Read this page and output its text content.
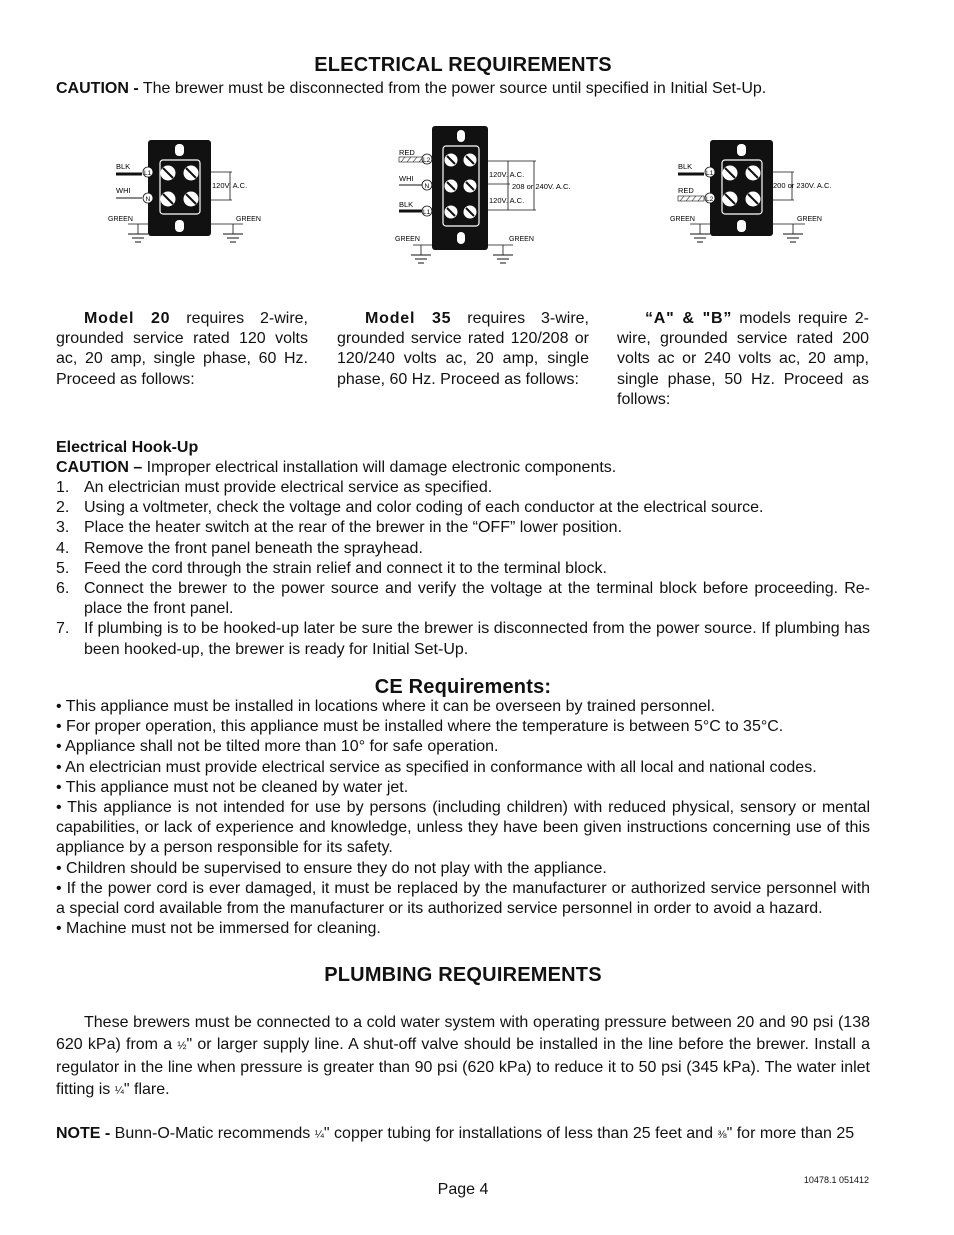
ELECTRICAL REQUIREMENTS
CAUTION - The brewer must be disconnected from the power source until specified in Initial Set-Up.
BLK
WHI
L1
N
120V. A.C.
GREEN	GREEN
RED
WHI
BLK
L2
N
L1
120V. A.C.
208 or 240V. A.C.
120V. A.C.
GREEN	GREEN
BLK
RED
L1
L2
200 or 230V. A.C.
GREEN	GREEN
Model 20 requires 2-wire, grounded service rated 120 volts ac, 20 amp, single phase, 60 Hz. Proceed as follows:
Model 35 requires 3-wire, grounded service rated 120/208 or 120/240 volts ac, 20 amp, single phase, 60 Hz. Proceed as follows:
“A" & "B” models require 2-wire, grounded service rated 200 volts ac or 240 volts ac, 20 amp, single phase, 50 Hz. Proceed as follows:
Electrical Hook-Up
CAUTION – Improper electrical installation will damage electronic components.
1. An electrician must provide electrical service as specified.
2. Using a voltmeter, check the voltage and color coding of each conductor at the electrical source.
3. Place the heater switch at the rear of the brewer in the “OFF” lower position.
4. Remove the front panel beneath the sprayhead.
5. Feed the cord through the strain relief and connect it to the terminal block.
6. Connect the brewer to the power source and verify the voltage at the terminal block before proceeding. Re-place the front panel.
7. If plumbing is to be hooked-up later be sure the brewer is disconnected from the power source. If plumbing has been hooked-up, the brewer is ready for Initial Set-Up.
CE Requirements:

• This appliance must be installed in locations where it can be overseen by trained personnel.

• For proper operation, this appliance must be installed where the temperature is between 5°C to 35°C.

• Appliance shall not be tilted more than 10° for safe operation.

• An electrician must provide electrical service as specified in conformance with all local and national codes.

• This appliance must not be cleaned by water jet.

• This appliance is not intended for use by persons (including children) with reduced physical, sensory or mental capabilities, or lack of experience and knowledge, unless they have been given instructions concerning use of this appliance by a person responsible for its safety.

• Children should be supervised to ensure they do not play with the appliance.

• If the power cord is ever damaged, it must be replaced by the manufacturer or authorized service personnel with a special cord available from the manufacturer or its authorized service personnel in order to avoid a hazard.

• Machine must not be immersed for cleaning.

PLUMBING REQUIREMENTS
These brewers must be connected to a cold water system with operating pressure between 20 and 90 psi (138 620 kPa) from a ½" or larger supply line. A shut-off valve should be installed in the line before the brewer. Install a regulator in the line when pressure is greater than 90 psi (620 kPa) to reduce it to 50 psi (345 kPa). The water inlet fitting is ¼" flare.
NOTE - Bunn-O-Matic recommends ¼" copper tubing for installations of less than 25 feet and ⅜" for more than 25
Page 4
10478.1 051412
